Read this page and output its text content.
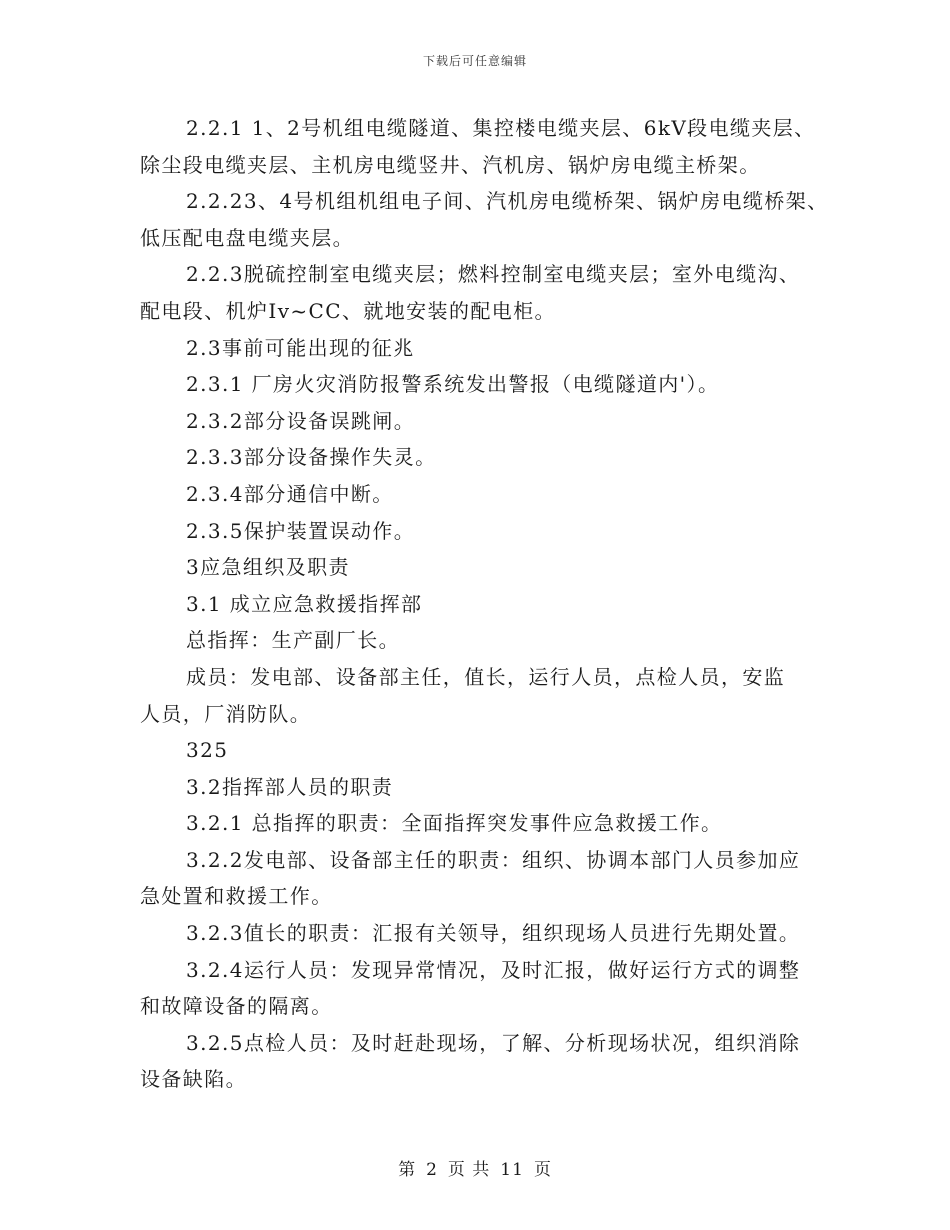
下载后可任意编辑
2.2.1 1、2号机组电缆隧道、集控楼电缆夹层、6kV段电缆夹层、
除尘段电缆夹层、主机房电缆竖井、汽机房、锅炉房电缆主桥架。
2.2.23、4号机组机组电子间、汽机房电缆桥架、锅炉房电缆桥架、
低压配电盘电缆夹层。
2.2.3脱硫控制室电缆夹层；燃料控制室电缆夹层；室外电缆沟、
配电段、机炉Iv~CC、就地安装的配电柜。
2.3事前可能出现的征兆
2.3.1 厂房火灾消防报警系统发出警报（电缆隧道内'）。
2.3.2部分设备误跳闸。
2.3.3部分设备操作失灵。
2.3.4部分通信中断。
2.3.5保护装置误动作。
3应急组织及职责
3.1 成立应急救援指挥部
总指挥：生产副厂长。
成员：发电部、设备部主任，值长，运行人员，点检人员，安监
人员，厂消防队。
325
3.2指挥部人员的职责
3.2.1 总指挥的职责：全面指挥突发事件应急救援工作。
3.2.2发电部、设备部主任的职责：组织、协调本部门人员参加应
急处置和救援工作。
3.2.3值长的职责：汇报有关领导，组织现场人员进行先期处置。
3.2.4运行人员：发现异常情况，及时汇报，做好运行方式的调整
和故障设备的隔离。
3.2.5点检人员：及时赶赴现场，了解、分析现场状况，组织消除
设备缺陷。
第 2 页 共 11 页
